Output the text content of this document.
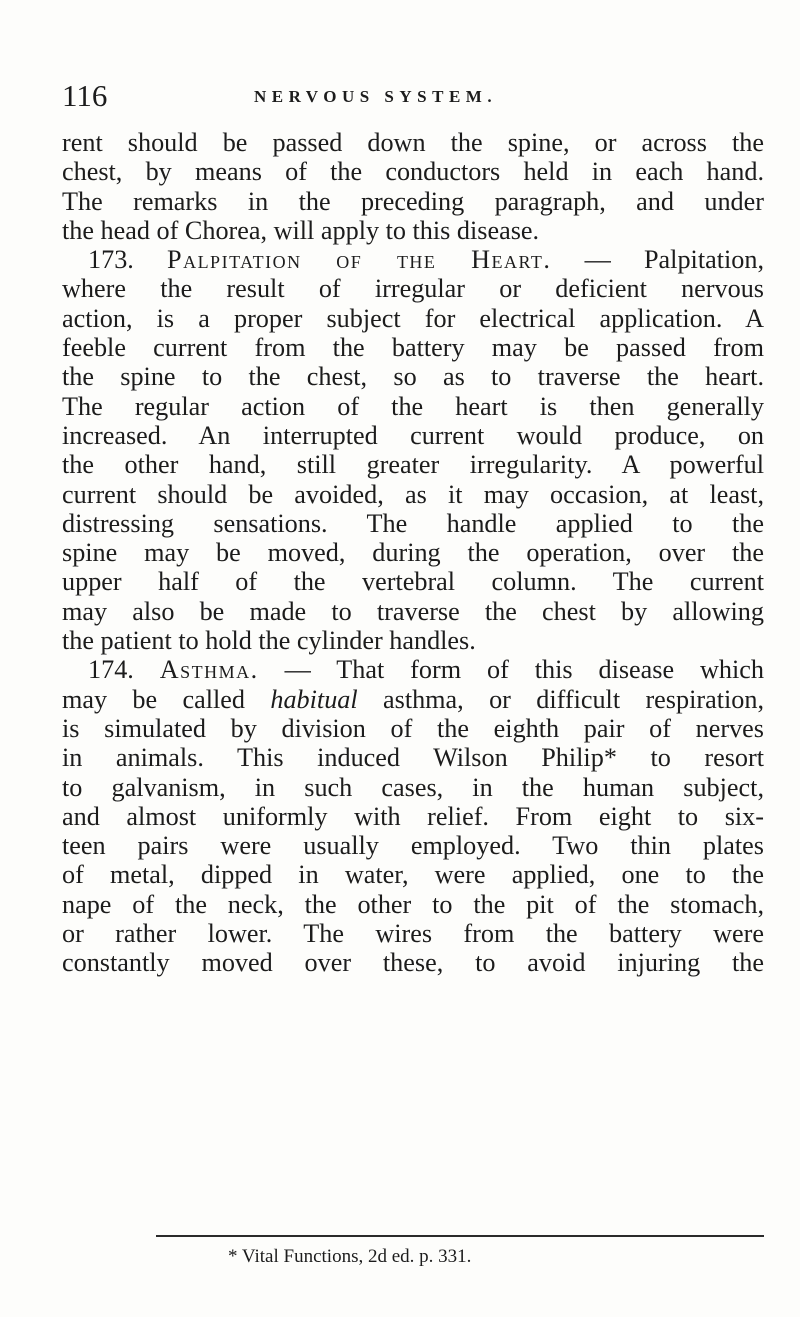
116	NERVOUS SYSTEM.
rent should be passed down the spine, or across the
chest, by means of the conductors held in each hand.
The remarks in the preceding paragraph, and under
the head of Chorea, will apply to this disease.
173. Palpitation of the Heart. — Palpitation,
where the result of irregular or deficient nervous
action, is a proper subject for electrical application. A
feeble current from the battery may be passed from
the spine to the chest, so as to traverse the heart.
The regular action of the heart is then generally
increased. An interrupted current would produce, on
the other hand, still greater irregularity. A powerful
current should be avoided, as it may occasion, at least,
distressing sensations. The handle applied to the
spine may be moved, during the operation, over the
upper half of the vertebral column. The current
may also be made to traverse the chest by allowing
the patient to hold the cylinder handles.
174. Asthma. — That form of this disease which
may be called habitual asthma, or difficult respiration,
is simulated by division of the eighth pair of nerves
in animals. This induced Wilson Philip* to resort
to galvanism, in such cases, in the human subject,
and almost uniformly with relief. From eight to six-
teen pairs were usually employed. Two thin plates
of metal, dipped in water, were applied, one to the
nape of the neck, the other to the pit of the stomach,
or rather lower. The wires from the battery were
constantly moved over these, to avoid injuring the
* Vital Functions, 2d ed. p. 331.
